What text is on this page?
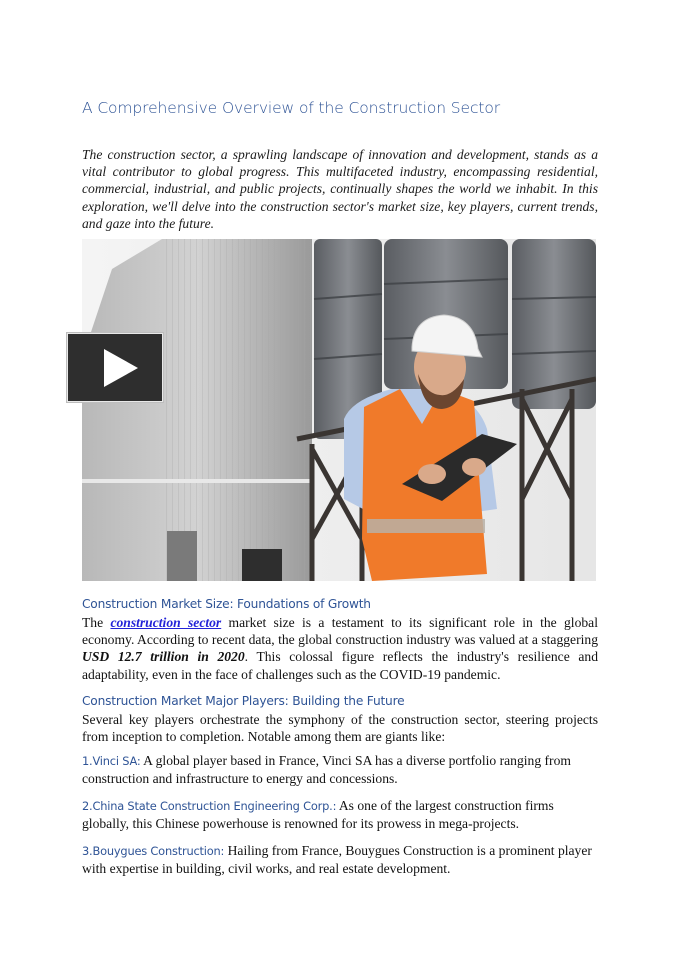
A Comprehensive Overview of the Construction Sector
The construction sector, a sprawling landscape of innovation and development, stands as a vital contributor to global progress. This multifaceted industry, encompassing residential, commercial, industrial, and public projects, continually shapes the world we inhabit. In this exploration, we'll delve into the construction sector's market size, key players, current trends, and gaze into the future.
Construction Market Size: Foundations of Growth
The construction sector market size is a testament to its significant role in the global economy. According to recent data, the global construction industry was valued at a staggering USD 12.7 trillion in 2020. This colossal figure reflects the industry's resilience and adaptability, even in the face of challenges such as the COVID-19 pandemic.
Construction Market Major Players: Building the Future
Several key players orchestrate the symphony of the construction sector, steering projects from inception to completion. Notable among them are giants like:
1.Vinci SA: A global player based in France, Vinci SA has a diverse portfolio ranging from construction and infrastructure to energy and concessions.
2.China State Construction Engineering Corp.: As one of the largest construction firms globally, this Chinese powerhouse is renowned for its prowess in mega-projects.
3.Bouygues Construction: Hailing from France, Bouygues Construction is a prominent player with expertise in building, civil works, and real estate development.
